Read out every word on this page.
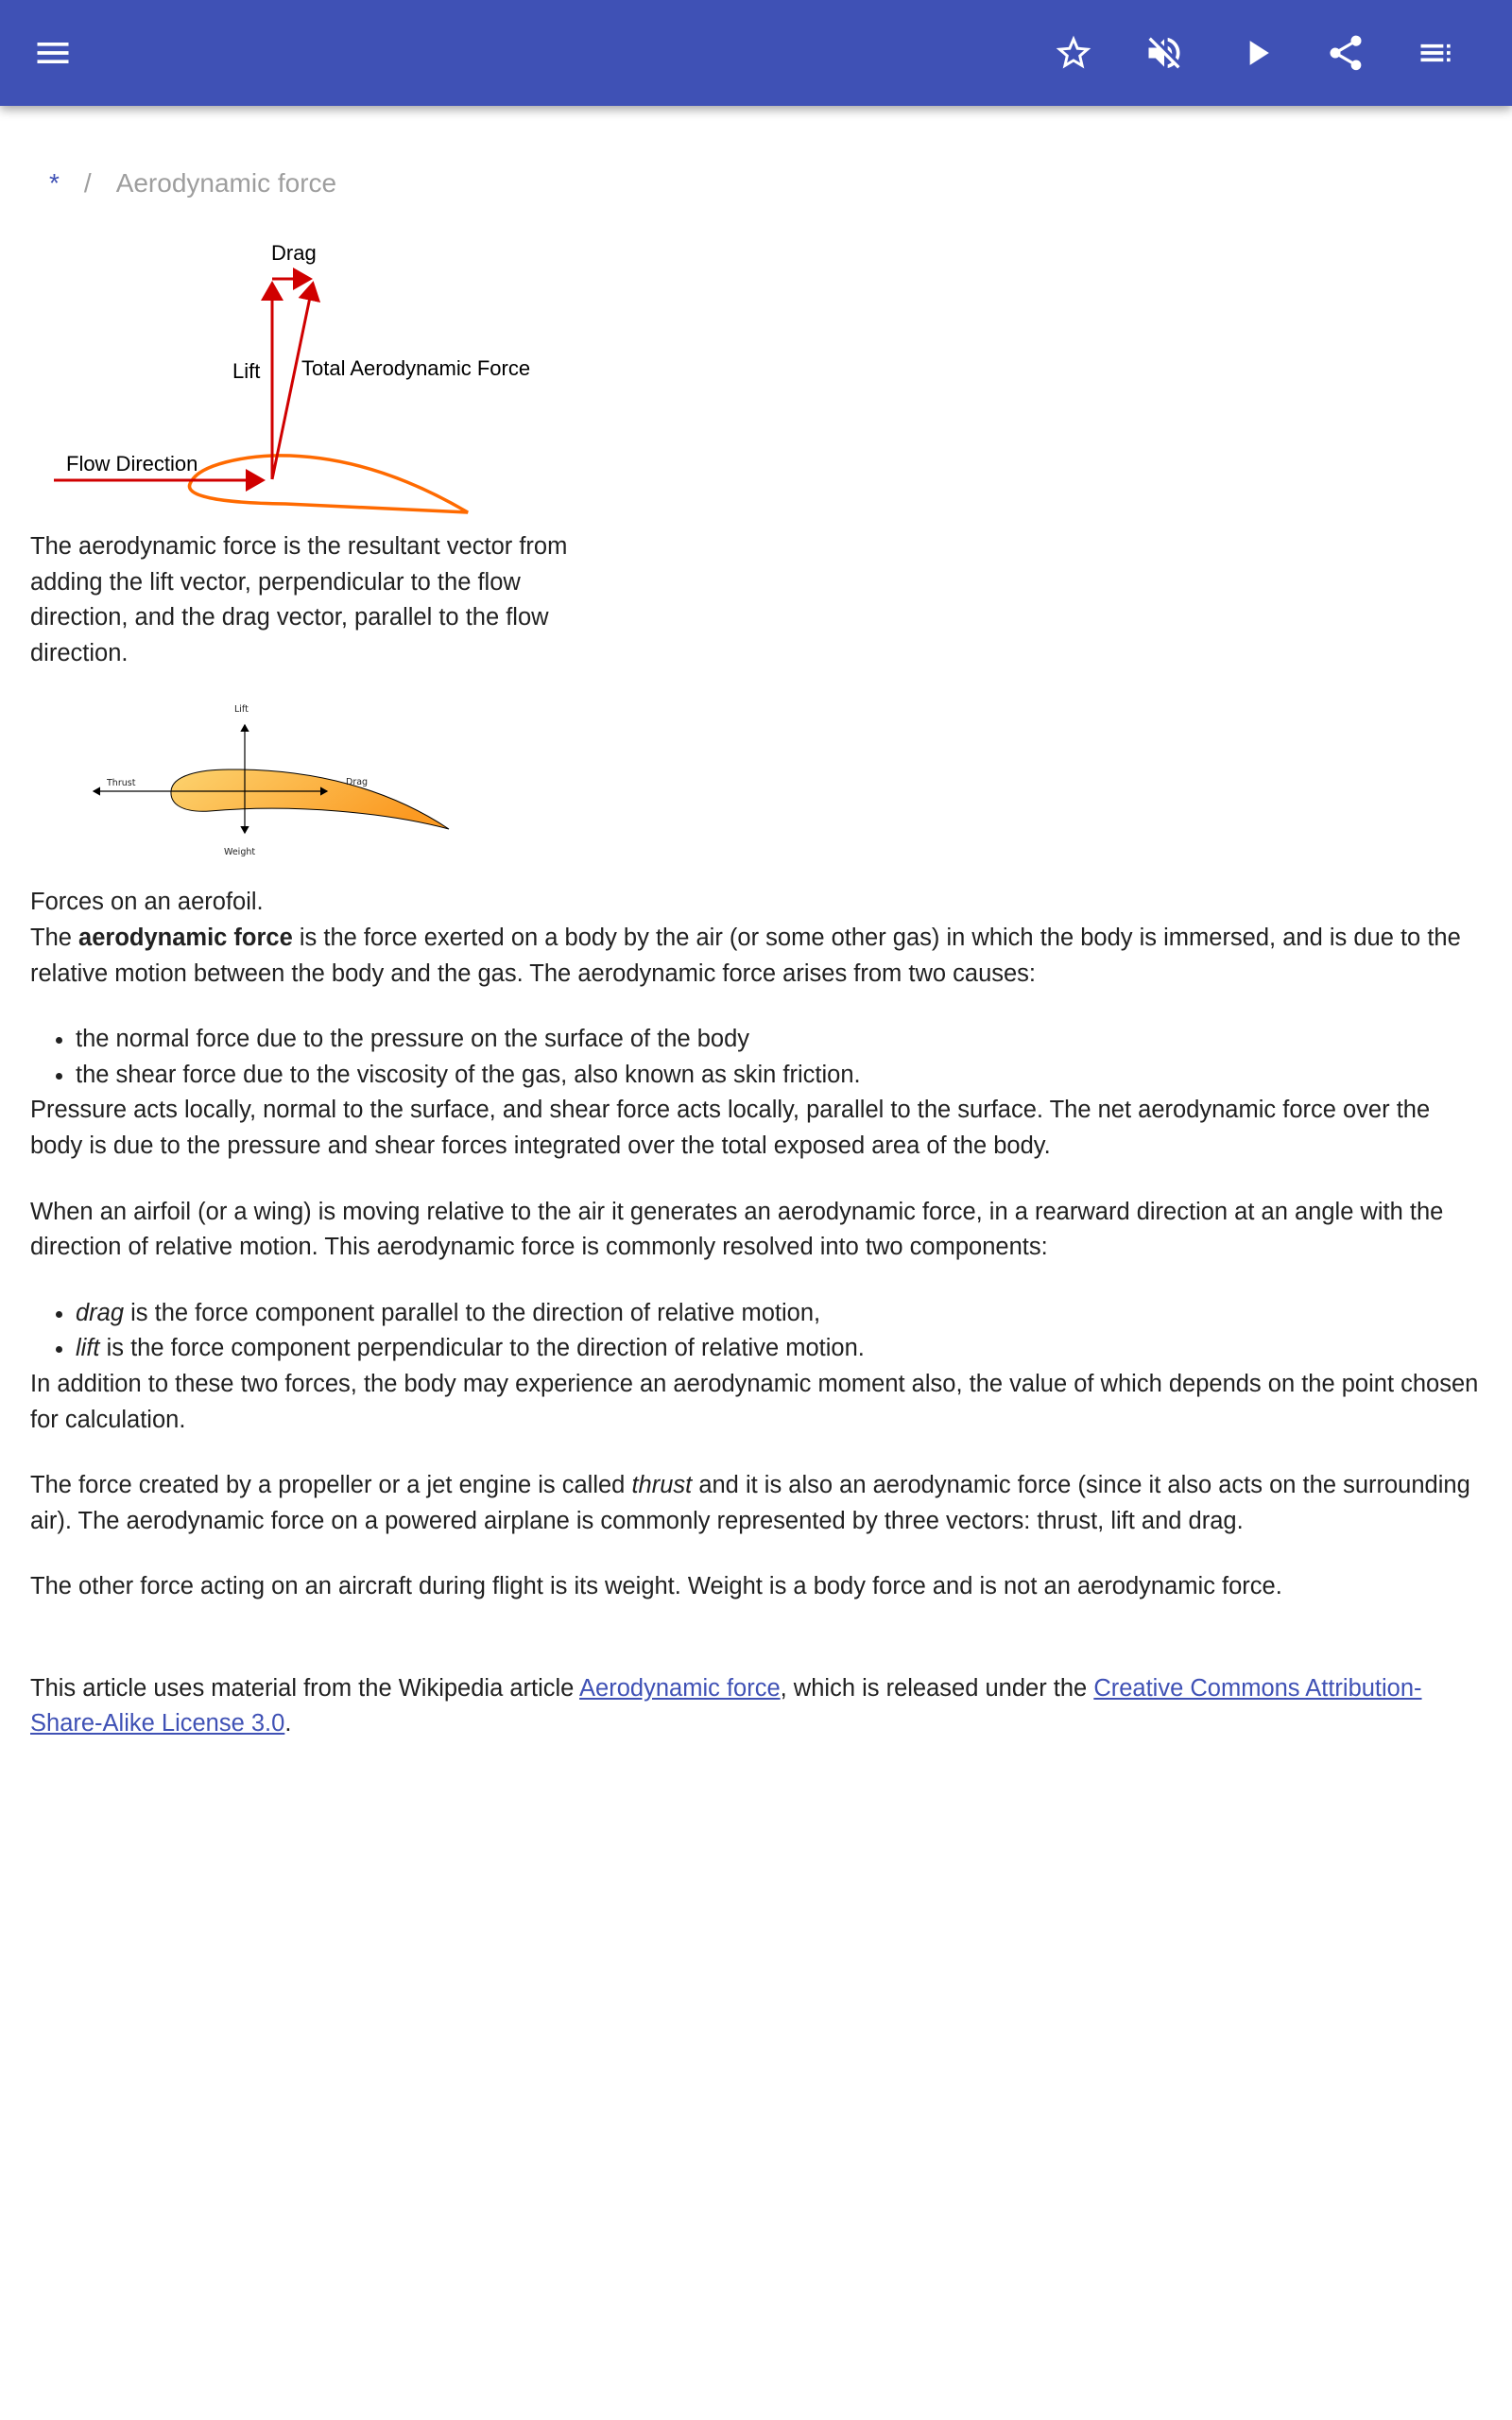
* / Aerodynamic force
Drag
Lift Total Aerodynamic Force
Flow Direction

The aerodynamic force is the resultant vector from adding the lift vector, perpendicular to the flow direction, and the drag vector, parallel to the flow direction.

Lift
Thrust	Drag
Weight

Forces on an aerofoil.

The aerodynamic force is the force exerted on a body by the air (or some other gas) in which the body is immersed, and is due to the relative motion between the body and the gas. The aerodynamic force arises from two causes:

• the normal force due to the pressure on the surface of the body
• the shear force due to the viscosity of the gas, also known as skin friction.

Pressure acts locally, normal to the surface, and shear force acts locally, parallel to the surface. The net aerodynamic force over the body is due to the pressure and shear forces integrated over the total exposed area of the body.

When an airfoil (or a wing) is moving relative to the air it generates an aerodynamic force, in a rearward direction at an angle with the direction of relative motion. This aerodynamic force is commonly resolved into two components:

• drag is the force component parallel to the direction of relative motion,
• lift is the force component perpendicular to the direction of relative motion.

In addition to these two forces, the body may experience an aerodynamic moment also, the value of which depends on the point chosen for calculation.

The force created by a propeller or a jet engine is called thrust and it is also an aerodynamic force (since it also acts on the surrounding air). The aerodynamic force on a powered airplane is commonly represented by three vectors: thrust, lift and drag.

The other force acting on an aircraft during flight is its weight. Weight is a body force and is not an aerodynamic force.

This article uses material from the Wikipedia article Aerodynamic force, which is released under the Creative Commons Attribution-Share-Alike License 3.0.
